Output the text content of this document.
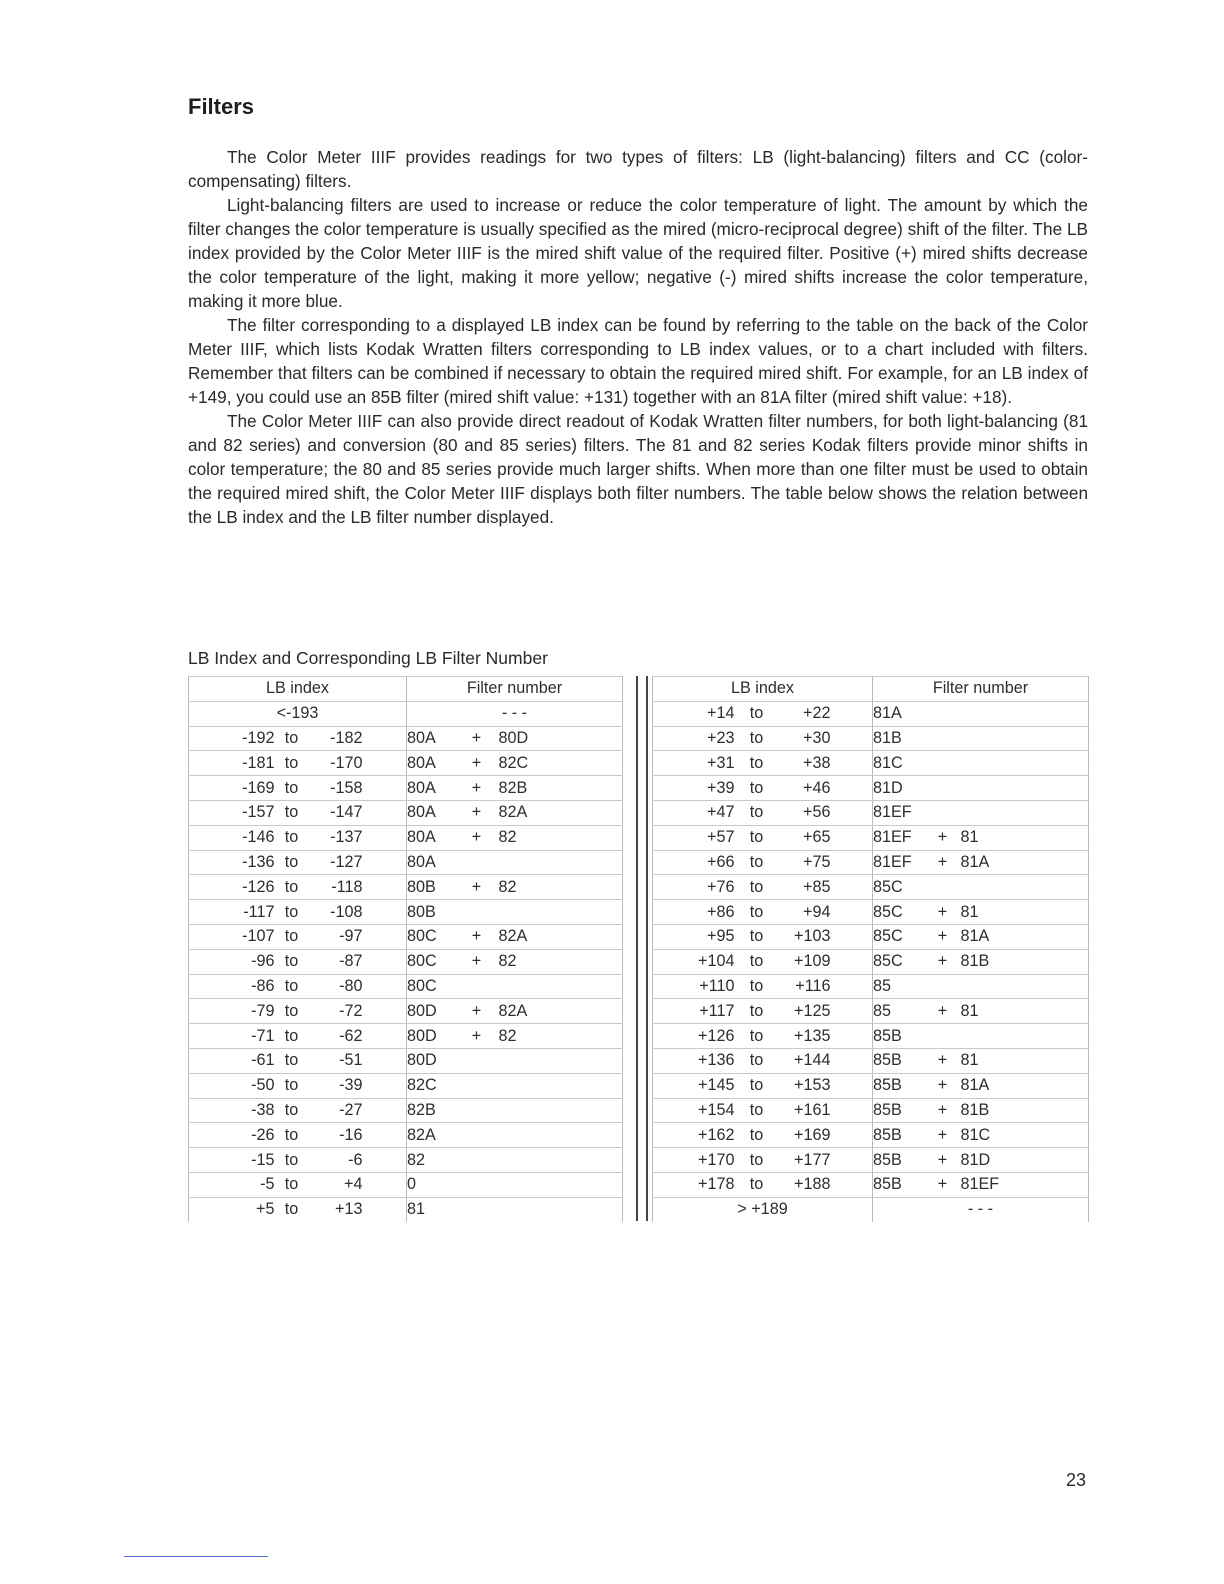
Filters

The Color Meter IIIF provides readings for two types of filters: LB (light-balancing) filters and CC (color-compensating) filters.

Light-balancing filters are used to increase or reduce the color temperature of light. The amount by which the filter changes the color temperature is usually specified as the mired (micro-reciprocal degree) shift of the filter. The LB index provided by the Color Meter IIIF is the mired shift value of the required filter. Positive (+) mired shifts decrease the color temperature of the light, making it more yellow; negative (-) mired shifts increase the color temperature, making it more blue.

The filter corresponding to a displayed LB index can be found by referring to the table on the back of the Color Meter IIIF, which lists Kodak Wratten filters corresponding to LB index values, or to a chart included with filters. Remember that filters can be combined if necessary to obtain the required mired shift. For example, for an LB index of +149, you could use an 85B filter (mired shift value: +131) together with an 81A filter (mired shift value: +18).

The Color Meter IIIF can also provide direct readout of Kodak Wratten filter numbers, for both light-balancing (81 and 82 series) and conversion (80 and 85 series) filters. The 81 and 82 series Kodak filters provide minor shifts in color temperature; the 80 and 85 series provide much larger shifts. When more than one filter must be used to obtain the required mired shift, the Color Meter IIIF displays both filter numbers. The table below shows the relation between the LB index and the LB filter number displayed.

LB Index and Corresponding LB Filter Number

LB index				Filter number			
<-193				- - -			
-192	to	-182		80A	+	80D	
-181	to	-170		80A	+	82C	
-169	to	-158		80A	+	82B	
-157	to	-147		80A	+	82A	
-146	to	-137		80A	+	82	
-136	to	-127		80A			
-126	to	-118		80B	+	82	
-117	to	-108		80B			
-107	to	-97		80C	+	82A	
-96	to	-87		80C	+	82	
-86	to	-80		80C			
-79	to	-72		80D	+	82A	
-71	to	-62		80D	+	82	
-61	to	-51		80D			
-50	to	-39		82C			
-38	to	-27		82B			
-26	to	-16		82A			
-15	to	-6		82			
-5	to	+4		0			
+5	to	+13		81			
LB index				Filter number			
+14	to	+22		81A			
+23	to	+30		81B			
+31	to	+38		81C			
+39	to	+46		81D			
+47	to	+56		81EF			
+57	to	+65		81EF	+	81	
+66	to	+75		81EF	+	81A	
+76	to	+85		85C			
+86	to	+94		85C	+	81	
+95	to	+103		85C	+	81A	
+104	to	+109		85C	+	81B	
+110	to	+116		85			
+117	to	+125		85	+	81	
+126	to	+135		85B			
+136	to	+144		85B	+	81	
+145	to	+153		85B	+	81A	
+154	to	+161		85B	+	81B	
+162	to	+169		85B	+	81C	
+170	to	+177		85B	+	81D	
+178	to	+188		85B	+	81EF	
> +189				- - -			
23
